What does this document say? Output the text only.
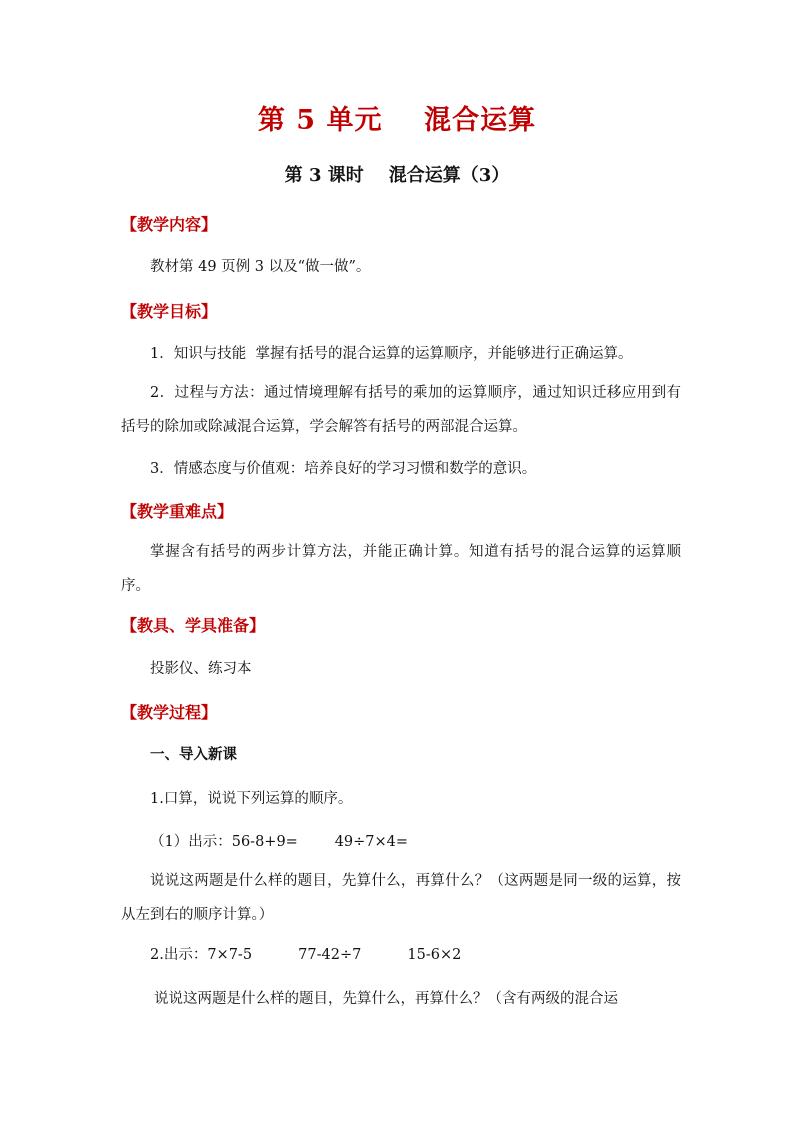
第 5 单元    混合运算
第 3 课时    混合运算（3）
【教学内容】
教材第 49 页例 3 以及“做一做”。
【教学目标】
1．知识与技能  掌握有括号的混合运算的运算顺序，并能够进行正确运算。
2．过程与方法：通过情境理解有括号的乘加的运算顺序，通过知识迁移应用到有括号的除加或除减混合运算，学会解答有括号的两部混合运算。
3．情感态度与价值观：培养良好的学习习惯和数学的意识。
【教学重难点】
掌握含有括号的两步计算方法，并能正确计算。知道有括号的混合运算的运算顺序。
【教具、学具准备】
投影仪、练习本
【教学过程】
一、导入新课
1.口算，说说下列运算的顺序。
（1）出示：56-8+9=        49÷7×4=
说说这两题是什么样的题目，先算什么，再算什么？（这两题是同一级的运算，按从左到右的顺序计算。）
2.出示：7×7-5          77-42÷7          15-6×2
说说这两题是什么样的题目，先算什么，再算什么？（含有两级的混合运
